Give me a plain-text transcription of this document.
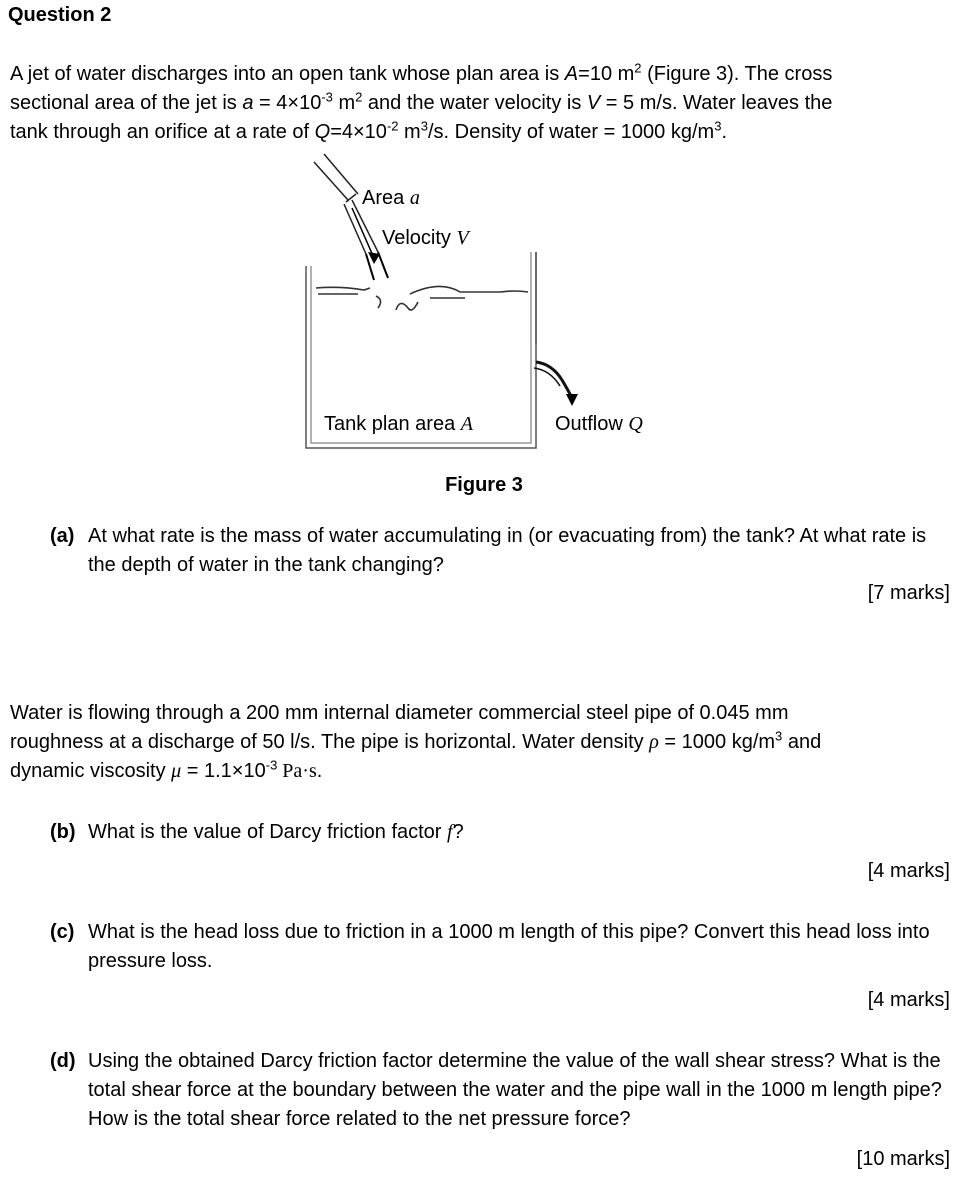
Question 2
A jet of water discharges into an open tank whose plan area is A=10 $m^2$ (Figure 3). The cross
sectional area of the jet is $a = 4\times 10^{-3}$ $m^2$ and the water velocity is V = 5 m/s. Water leaves the
tank through an orifice at a rate of $Q=4\times 10^{-2}$ $m^3/s$. Density of water = 1000 $kg/m^3$.
Area a
Velocity V
Tank plan area A	Outflow Q
Figure 3
(a) At what rate is the mass of water accumulating in (or evacuating from) the tank? At what rate is the depth of water in the tank changing?
[7 marks]
Water is flowing through a 200 mm internal diameter commercial steel pipe of 0.045 mm
roughness at a discharge of 50 l/s. The pipe is horizontal. Water density ρ = 1000 $kg/m^3$ and
dynamic viscosity $\mu = 1.1\times 10^{-3}$ Pa·s.
(b) What is the value of Darcy friction factor f?
[4 marks]
(c) What is the head loss due to friction in a 1000 m length of this pipe? Convert this head loss into pressure loss.
[4 marks]
(d) Using the obtained Darcy friction factor determine the value of the wall shear stress? What is the total shear force at the boundary between the water and the pipe wall in the 1000 m length pipe? How is the total shear force related to the net pressure force?
[10 marks]
